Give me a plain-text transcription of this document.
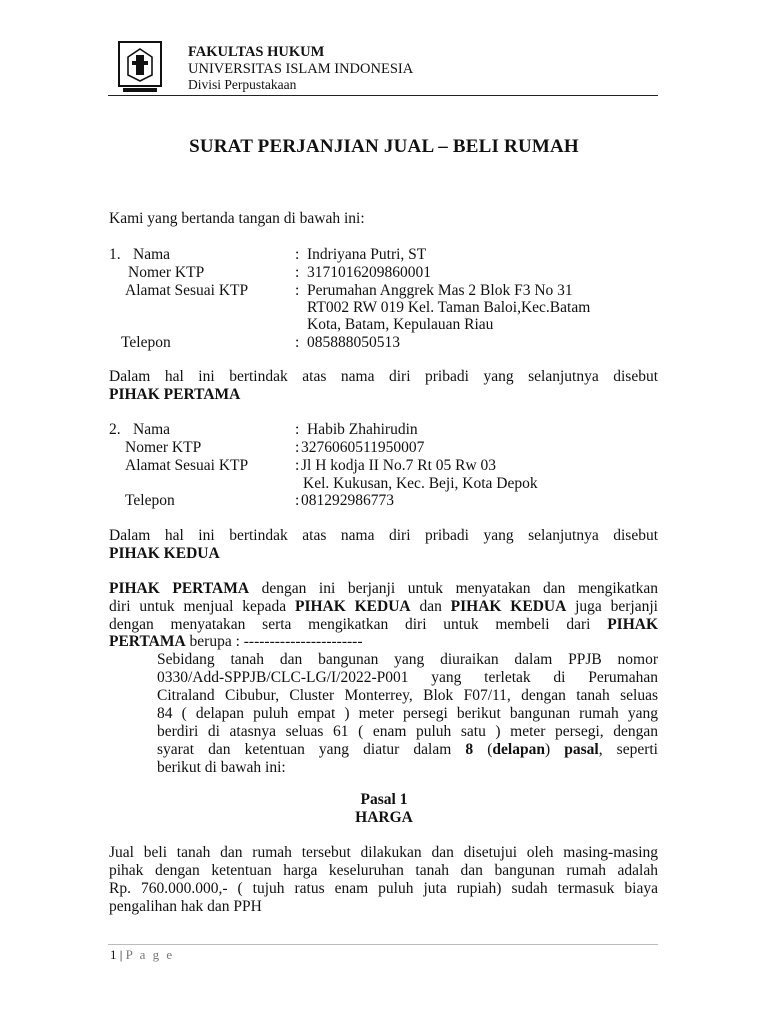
FAKULTAS HUKUM
UNIVERSITAS ISLAM INDONESIA
Divisi Perpustakaan
SURAT PERJANJIAN JUAL – BELI RUMAH
Kami yang bertanda tangan di bawah ini:
1. Nama	: Indriyana Putri, ST
Nomer KTP	: 3171016209860001
Alamat Sesuai KTP	: Perumahan Anggrek Mas 2 Blok F3 No 31
RT002 RW 019 Kel. Taman Baloi,Kec.Batam
Kota, Batam, Kepulauan Riau
Telepon	: 085888050513
Dalam hal ini bertindak atas nama diri pribadi yang selanjutnya disebut
PIHAK PERTAMA
2. Nama	: Habib Zhahirudin
Nomer KTP	: 3276060511950007
Alamat Sesuai KTP	: Jl H kodja II No.7 Rt 05 Rw 03
Kel. Kukusan, Kec. Beji, Kota Depok
Telepon	: 081292986773
Dalam hal ini bertindak atas nama diri pribadi yang selanjutnya disebut
PIHAK KEDUA
PIHAK PERTAMA dengan ini berjanji untuk menyatakan dan mengikatkan
diri untuk menjual kepada PIHAK KEDUA dan PIHAK KEDUA juga berjanji
dengan menyatakan serta mengikatkan diri untuk membeli dari PIHAK
PERTAMA berupa : -----------------------
Sebidang tanah dan bangunan yang diuraikan dalam PPJB nomor
0330/Add-SPPJB/CLC-LG/I/2022-P001 yang terletak di Perumahan
Citraland Cibubur, Cluster Monterrey, Blok F07/11, dengan tanah seluas
84 ( delapan puluh empat ) meter persegi berikut bangunan rumah yang
berdiri di atasnya seluas 61 ( enam puluh satu ) meter persegi, dengan
syarat dan ketentuan yang diatur dalam 8 (delapan) pasal, seperti
berikut di bawah ini:
Pasal 1
HARGA
Jual beli tanah dan rumah tersebut dilakukan dan disetujui oleh masing-masing
pihak dengan ketentuan harga keseluruhan tanah dan bangunan rumah adalah
Rp. 760.000.000,- ( tujuh ratus enam puluh juta rupiah) sudah termasuk biaya
pengalihan hak dan PPH
1 | P a g e
